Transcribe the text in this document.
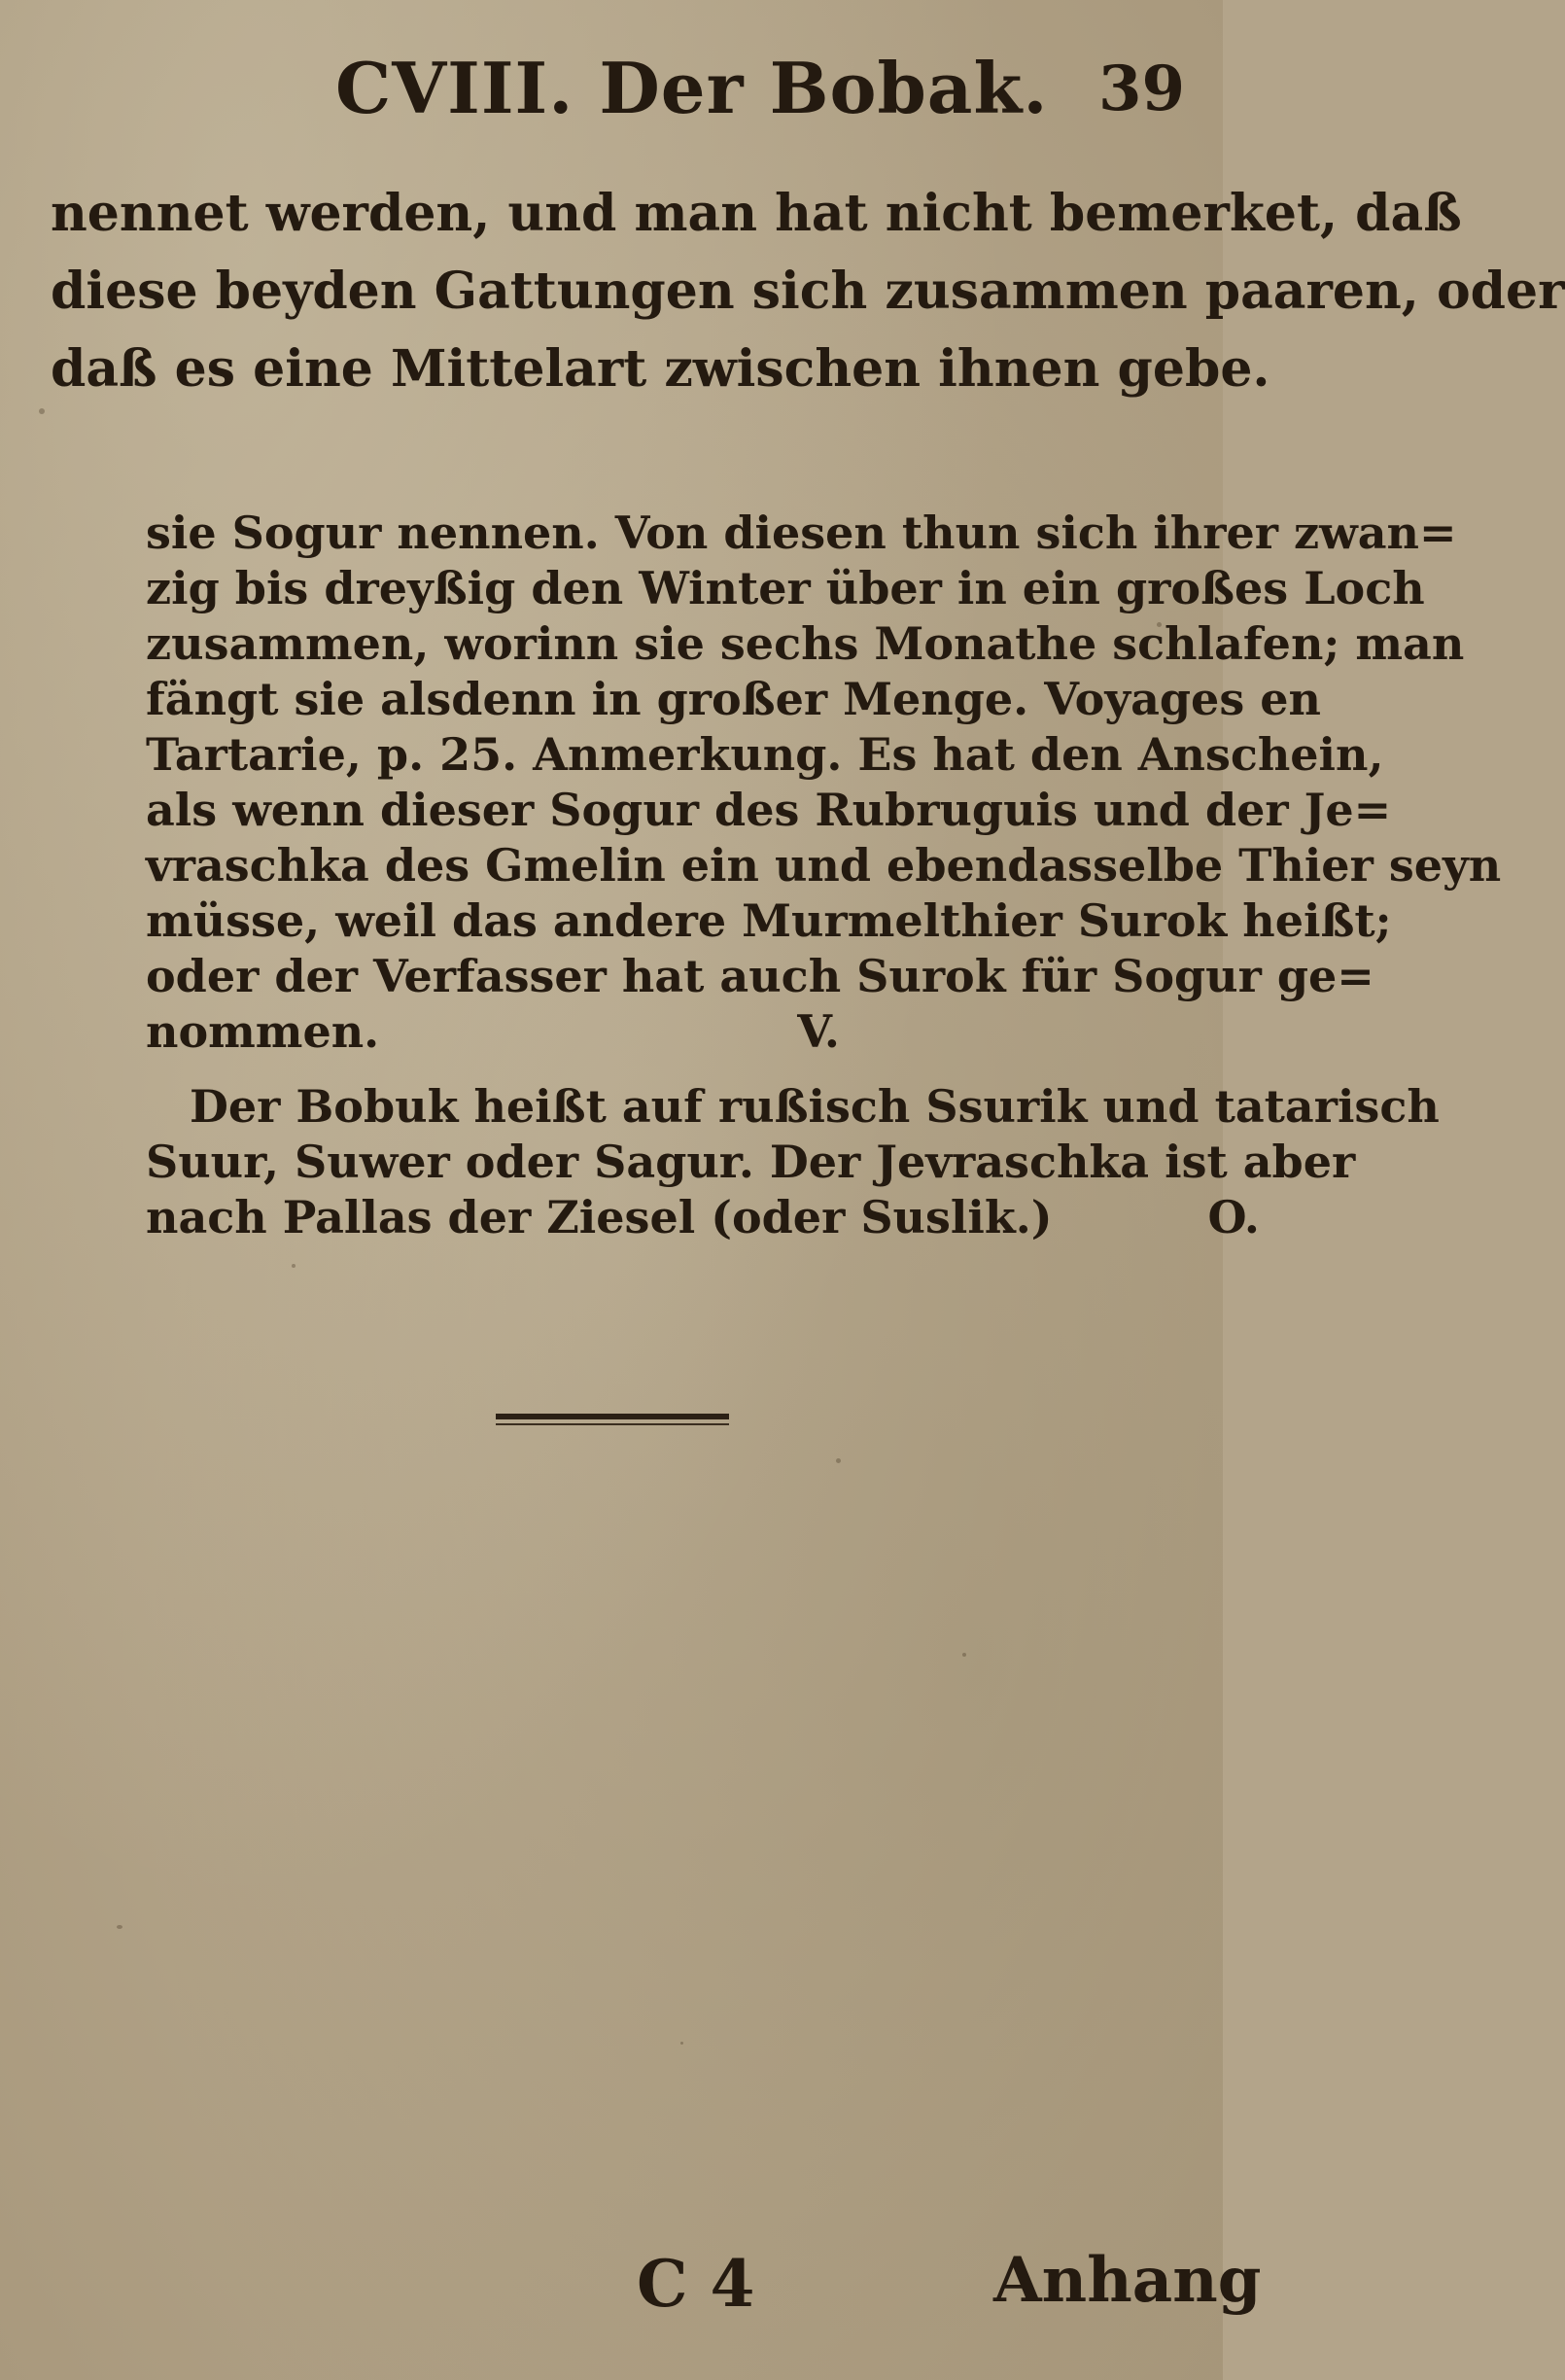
CVIII. Der Bobak. 39
nennet werden, und man hat nicht bemerket, daß
diese beyden Gattungen sich zusammen paaren, oder
daß es eine Mittelart zwischen ihnen gebe.
sie Sogur nennen. Von diesen thun sich ihrer zwan=
zig bis dreyßig den Winter über in ein großes Loch
zusammen, worinn sie sechs Monathe schlafen; man
fängt sie alsdenn in großer Menge. Voyages en
Tartarie, p. 25. Anmerkung. Es hat den Anschein,
als wenn dieser Sogur des Rubruguis und der Je=
vraschka des Gmelin ein und ebendasselbe Thier seyn
müsse, weil das andere Murmelthier Surok heißt;
oder der Verfasser hat auch Surok für Sogur ge=
nommen.	V.
Der Bobuk heißt auf rußisch Ssurik und tatarisch
Suur, Suwer oder Sagur. Der Jevraschka ist aber
nach Pallas der Ziesel (oder Suslik.)	O.
C 4	Anhang
